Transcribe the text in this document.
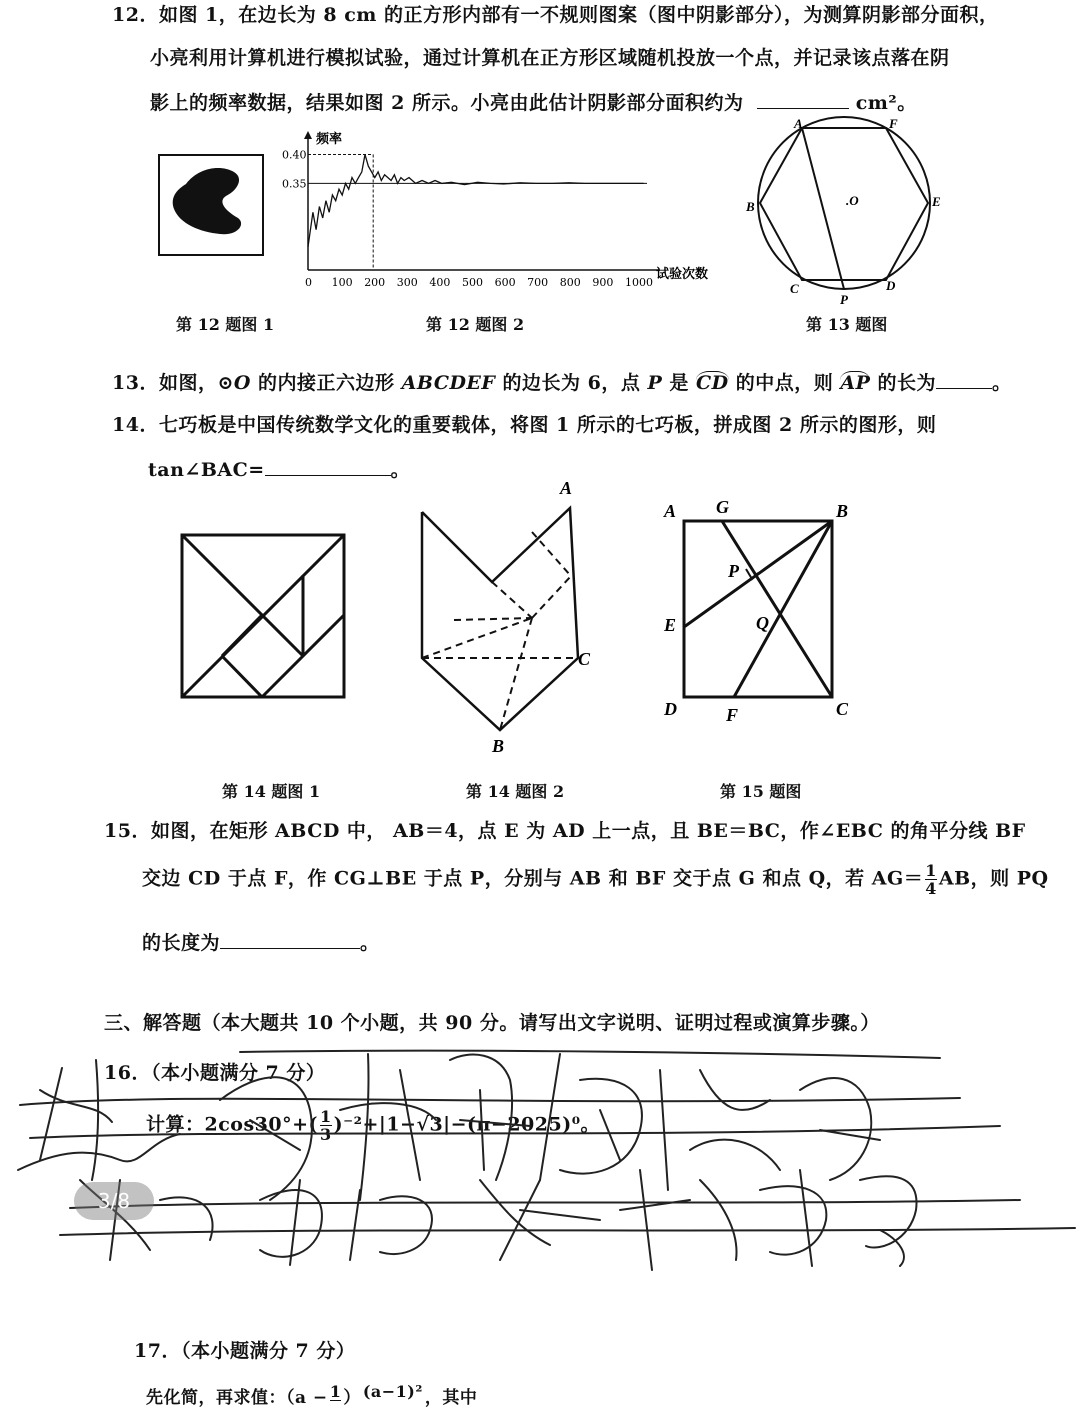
12．如图 1，在边长为 8 cm 的正方形内部有一不规则图案（图中阴影部分），为测算阴影部分面积，
小亮利用计算机进行模拟试验，通过计算机在正方形区域随机投放一个点，并记录该点落在阴
影上的频率数据，结果如图 2 所示。小亮由此估计阴影部分面积约为	cm²。
频率
试验次数
0 100 200 300 400 500 600 700 800 900 1000
0.35
0.40
第 12 题图 1	第 12 题图 2
A	F
B	.O	E
C
P
D
第 13 题图
13．如图，⊙O 的内接正六边形 ABCDEF 的边长为 6，点 P 是 CD 的中点，则 AP 的长为	。
14．七巧板是中国传统数学文化的重要载体，将图 1 所示的七巧板，拼成图 2 所示的图形，则
tan∠BAC=	。
A
C
B
A G	B
P
E	Q
D	F	C
第 14 题图 1	第 14 题图 2	第 15 题图
15．如图，在矩形 ABCD 中， AB＝4，点 E 为 AD 上一点，且 BE＝BC，作∠EBC 的角平分线 BF
交边 CD 于点 F，作 CG⊥BE 于点 P，分别与 AB 和 BF 交于点 G 和点 Q，若 $AG= \frac{1}{4}$ AB，则 PQ
的长度为	。
三、解答题（本大题共 10 个小题，共 90 分。请写出文字说明、证明过程或演算步骤。）
16．（本小题满分 7 分）
计算：$2\cos 30^\circ+( \frac{1}{3} )^{-2}+|1-√3|-(\pi-2025)^0$。
3/8
17．（本小题满分 7 分）
先化简，再求值：（a − 1 ） (a−1)² ，其中
